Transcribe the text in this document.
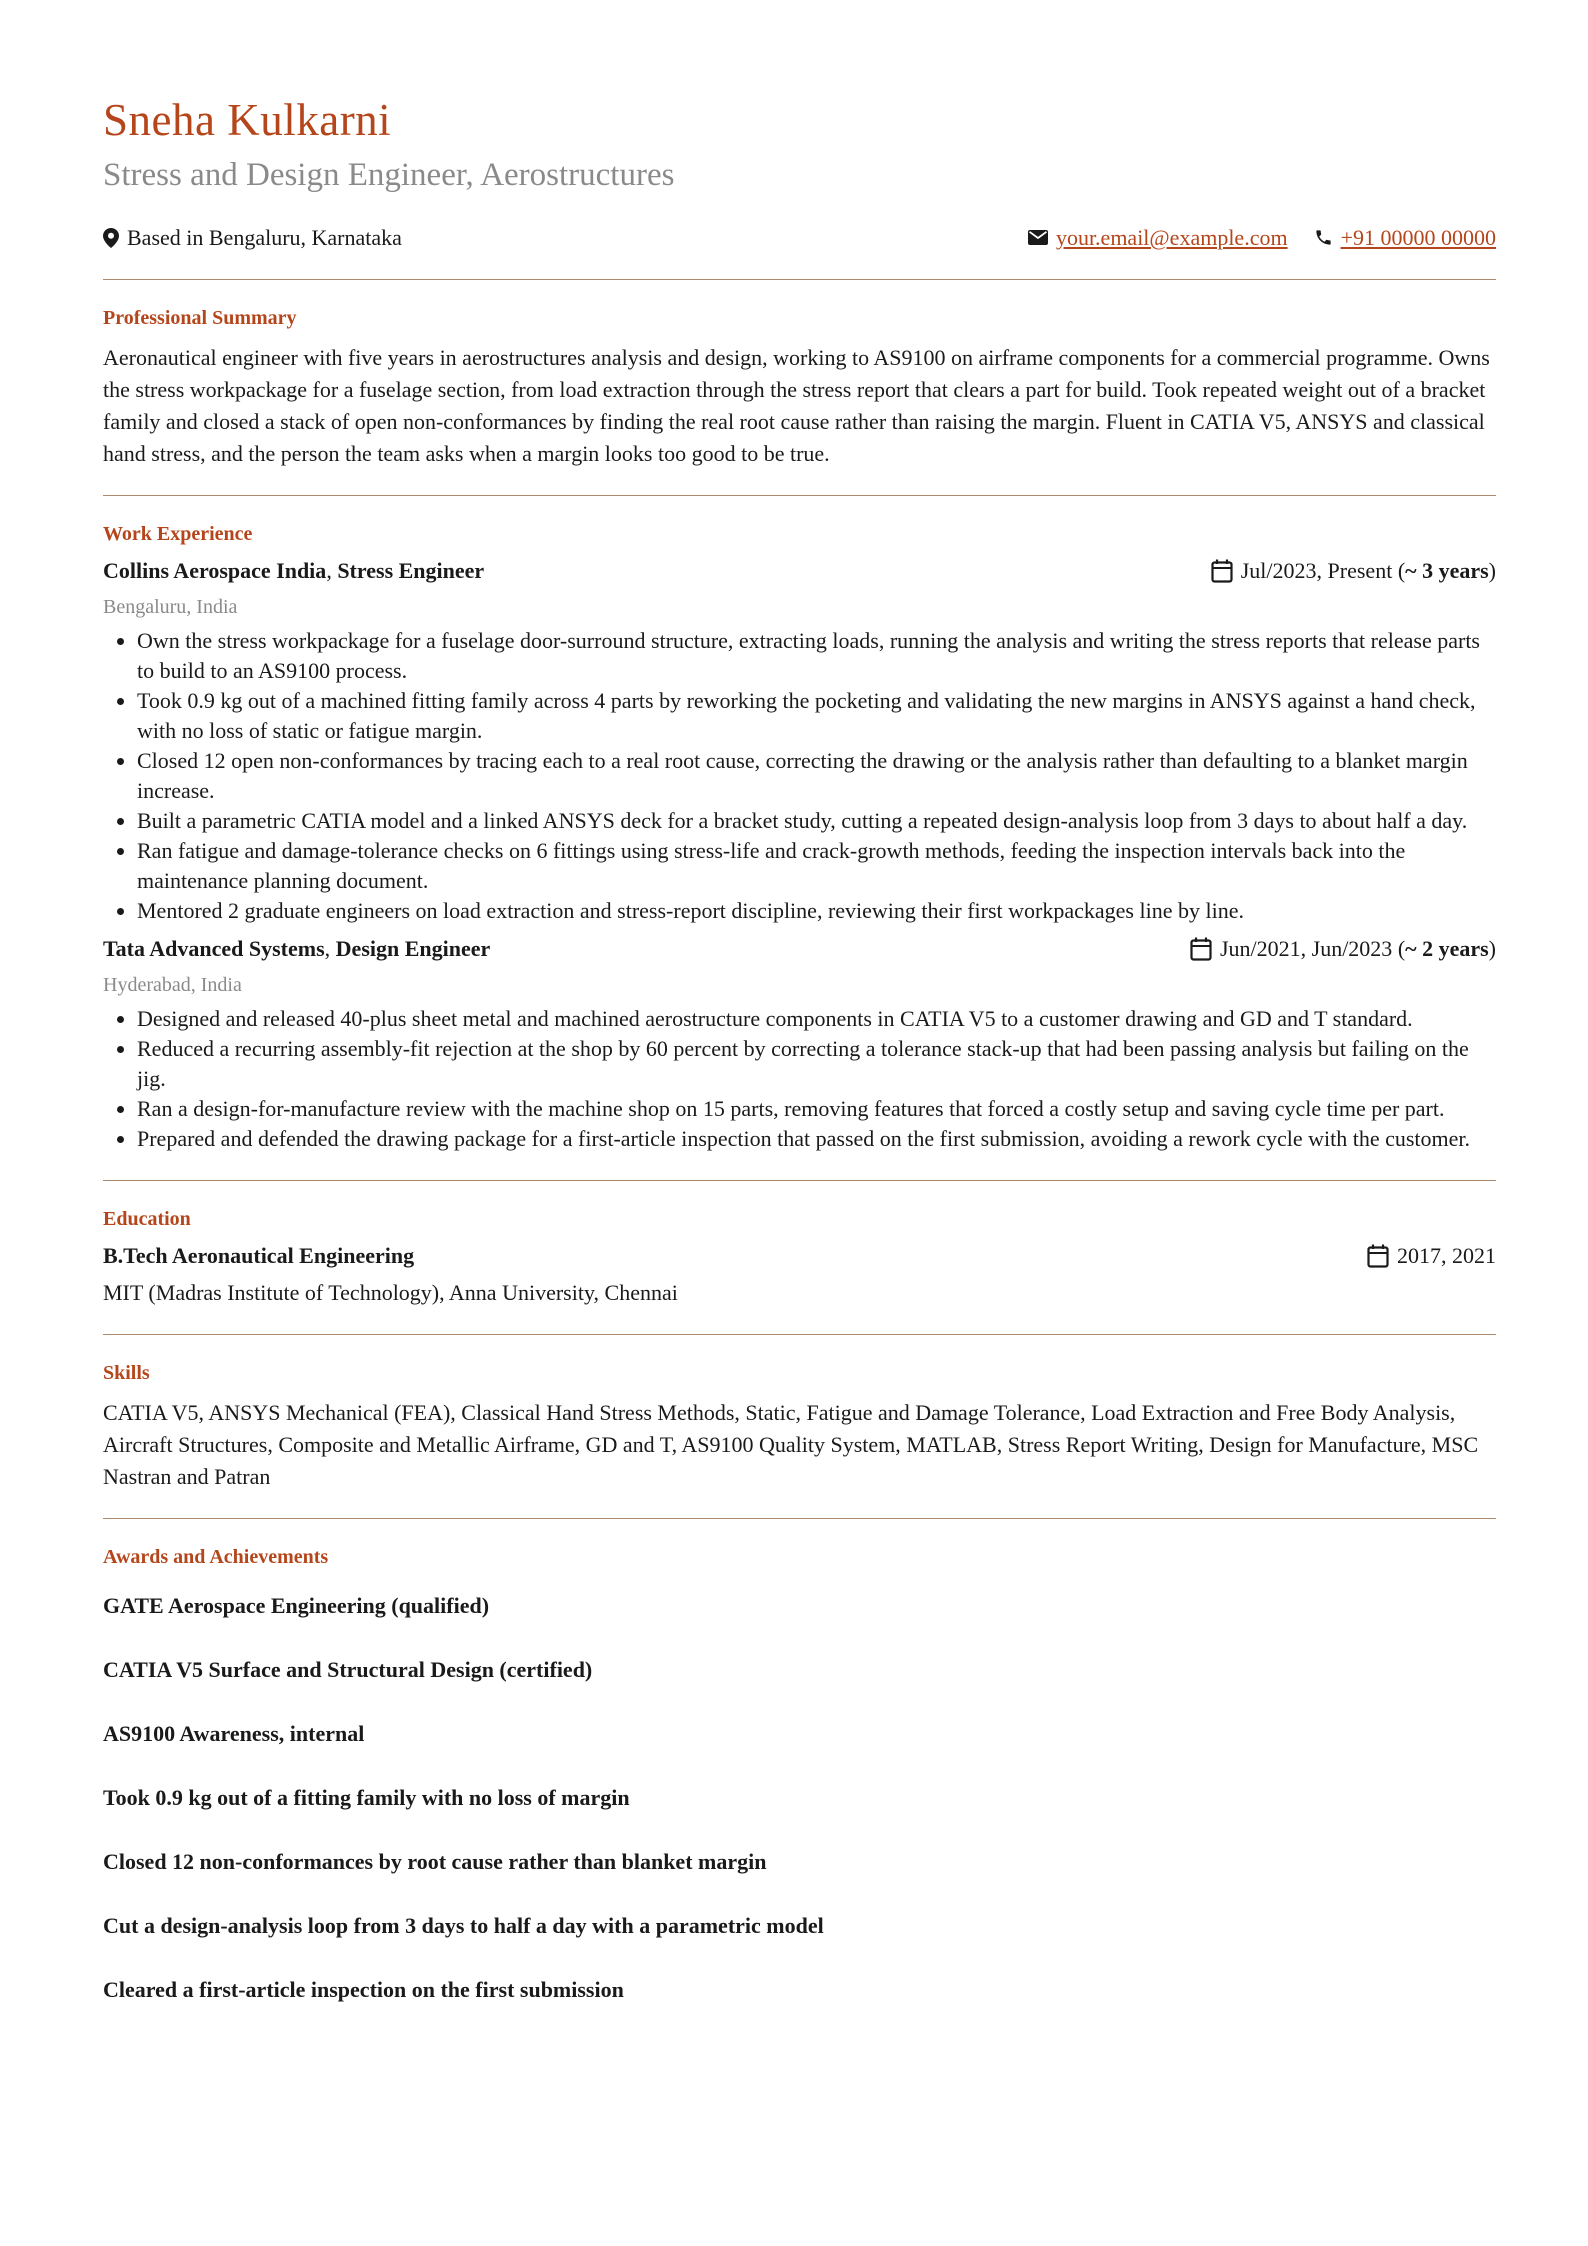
Sneha Kulkarni
Stress and Design Engineer, Aerostructures
Based in Bengaluru, Karnataka	your.email@example.com +91 00000 00000
Professional Summary

Aeronautical engineer with five years in aerostructures analysis and design, working to AS9100 on airframe components for a commercial programme. Owns the stress workpackage for a fuselage section, from load extraction through the stress report that clears a part for build. Took repeated weight out of a bracket family and closed a stack of open non-conformances by finding the real root cause rather than raising the margin. Fluent in CATIA V5, ANSYS and classical hand stress, and the person the team asks when a margin looks too good to be true.

Work Experience
Collins Aerospace India, Stress Engineer	Jul/2023, Present ( ~ 3 years )
Bengaluru, India
• Own the stress workpackage for a fuselage door-surround structure, extracting loads, running the analysis and writing the stress reports that release parts to build to an AS9100 process.
• Took 0.9 kg out of a machined fitting family across 4 parts by reworking the pocketing and validating the new margins in ANSYS against a hand check, with no loss of static or fatigue margin.
• Closed 12 open non-conformances by tracing each to a real root cause, correcting the drawing or the analysis rather than defaulting to a blanket margin increase.
• Built a parametric CATIA model and a linked ANSYS deck for a bracket study, cutting a repeated design-analysis loop from 3 days to about half a day.
• Ran fatigue and damage-tolerance checks on 6 fittings using stress-life and crack-growth methods, feeding the inspection intervals back into the maintenance planning document.
• Mentored 2 graduate engineers on load extraction and stress-report discipline, reviewing their first workpackages line by line.
Tata Advanced Systems, Design Engineer	Jun/2021, Jun/2023 ( ~ 2 years )
Hyderabad, India
• Designed and released 40-plus sheet metal and machined aerostructure components in CATIA V5 to a customer drawing and GD and T standard.
• Reduced a recurring assembly-fit rejection at the shop by 60 percent by correcting a tolerance stack-up that had been passing analysis but failing on the jig.
• Ran a design-for-manufacture review with the machine shop on 15 parts, removing features that forced a costly setup and saving cycle time per part.
• Prepared and defended the drawing package for a first-article inspection that passed on the first submission, avoiding a rework cycle with the customer.
Education
B.Tech Aeronautical Engineering	2017, 2021

MIT (Madras Institute of Technology), Anna University, Chennai

Skills

CATIA V5, ANSYS Mechanical (FEA), Classical Hand Stress Methods, Static, Fatigue and Damage Tolerance, Load Extraction and Free Body Analysis, Aircraft Structures, Composite and Metallic Airframe, GD and T, AS9100 Quality System, MATLAB, Stress Report Writing, Design for Manufacture, MSC Nastran and Patran

Awards and Achievements

GATE Aerospace Engineering (qualified)

CATIA V5 Surface and Structural Design (certified)

AS9100 Awareness, internal

Took 0.9 kg out of a fitting family with no loss of margin

Closed 12 non-conformances by root cause rather than blanket margin

Cut a design-analysis loop from 3 days to half a day with a parametric model

Cleared a first-article inspection on the first submission
